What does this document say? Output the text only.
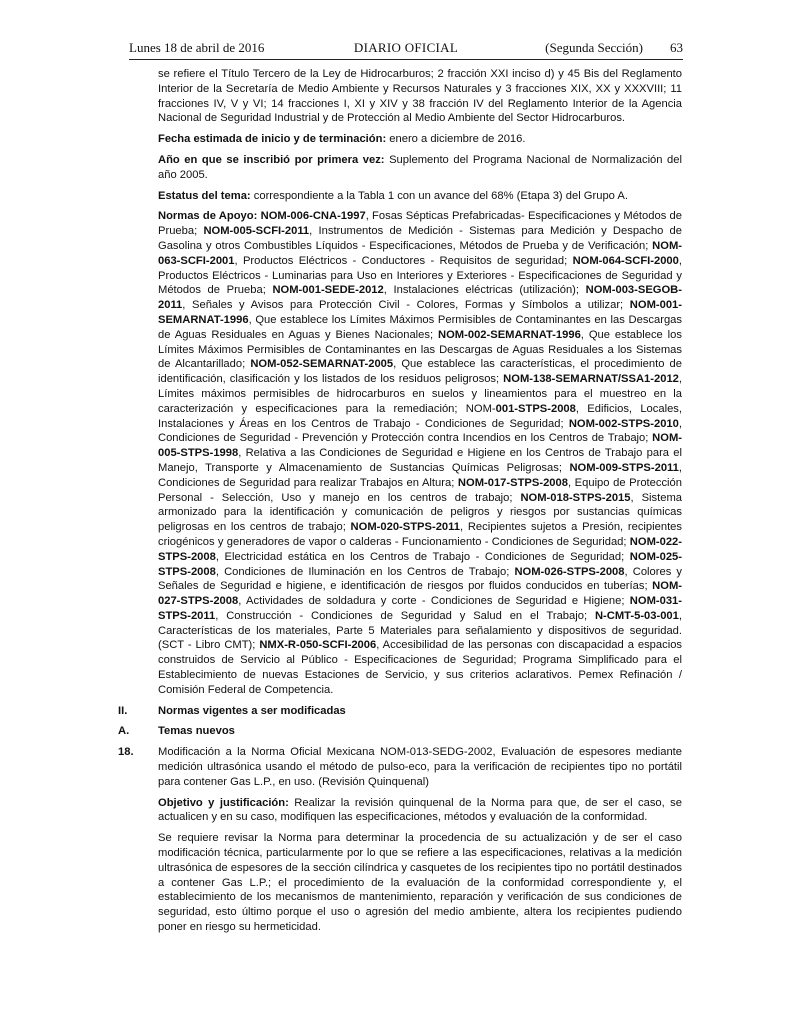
Lunes 18 de abril de 2016	DIARIO OFICIAL	(Segunda Sección) 63

se refiere el Título Tercero de la Ley de Hidrocarburos; 2 fracción XXI inciso d) y 45 Bis del Reglamento Interior de la Secretaría de Medio Ambiente y Recursos Naturales y 3 fracciones XIX, XX y XXXVIII; 11 fracciones IV, V y VI; 14 fracciones I, XI y XIV y 38 fracción IV del Reglamento Interior de la Agencia Nacional de Seguridad Industrial y de Protección al Medio Ambiente del Sector Hidrocarburos.

Fecha estimada de inicio y de terminación: enero a diciembre de 2016.

Año en que se inscribió por primera vez: Suplemento del Programa Nacional de Normalización del año 2005.

Estatus del tema: correspondiente a la Tabla 1 con un avance del 68% (Etapa 3) del Grupo A.

Normas de Apoyo: NOM-006-CNA-1997, Fosas Sépticas Prefabricadas- Especificaciones y Métodos de Prueba; NOM-005-SCFI-2011, Instrumentos de Medición - Sistemas para Medición y Despacho de Gasolina y otros Combustibles Líquidos - Especificaciones, Métodos de Prueba y de Verificación; NOM-063-SCFI-2001, Productos Eléctricos - Conductores - Requisitos de seguridad; NOM-064-SCFI-2000, Productos Eléctricos - Luminarias para Uso en Interiores y Exteriores - Especificaciones de Seguridad y Métodos de Prueba; NOM-001-SEDE-2012, Instalaciones eléctricas (utilización); NOM-003-SEGOB-2011, Señales y Avisos para Protección Civil - Colores, Formas y Símbolos a utilizar; NOM-001-SEMARNAT-1996, Que establece los Límites Máximos Permisibles de Contaminantes en las Descargas de Aguas Residuales en Aguas y Bienes Nacionales; NOM-002-SEMARNAT-1996, Que establece los Límites Máximos Permisibles de Contaminantes en las Descargas de Aguas Residuales a los Sistemas de Alcantarillado; NOM-052-SEMARNAT-2005, Que establece las características, el procedimiento de identificación, clasificación y los listados de los residuos peligrosos; NOM-138-SEMARNAT/SSA1-2012, Límites máximos permisibles de hidrocarburos en suelos y lineamientos para el muestreo en la caracterización y especificaciones para la remediación; NOM-001-STPS-2008, Edificios, Locales, Instalaciones y Áreas en los Centros de Trabajo - Condiciones de Seguridad; NOM-002-STPS-2010, Condiciones de Seguridad - Prevención y Protección contra Incendios en los Centros de Trabajo; NOM-005-STPS-1998, Relativa a las Condiciones de Seguridad e Higiene en los Centros de Trabajo para el Manejo, Transporte y Almacenamiento de Sustancias Químicas Peligrosas; NOM-009-STPS-2011, Condiciones de Seguridad para realizar Trabajos en Altura; NOM-017-STPS-2008, Equipo de Protección Personal - Selección, Uso y manejo en los centros de trabajo; NOM-018-STPS-2015, Sistema armonizado para la identificación y comunicación de peligros y riesgos por sustancias químicas peligrosas en los centros de trabajo; NOM-020-STPS-2011, Recipientes sujetos a Presión, recipientes criogénicos y generadores de vapor o calderas - Funcionamiento - Condiciones de Seguridad; NOM-022-STPS-2008, Electricidad estática en los Centros de Trabajo - Condiciones de Seguridad; NOM-025-STPS-2008, Condiciones de Iluminación en los Centros de Trabajo; NOM-026-STPS-2008, Colores y Señales de Seguridad e higiene, e identificación de riesgos por fluidos conducidos en tuberías; NOM-027-STPS-2008, Actividades de soldadura y corte - Condiciones de Seguridad e Higiene; NOM-031-STPS-2011, Construcción - Condiciones de Seguridad y Salud en el Trabajo; N-CMT-5-03-001, Características de los materiales, Parte 5 Materiales para señalamiento y dispositivos de seguridad. (SCT - Libro CMT); NMX-R-050-SCFI-2006, Accesibilidad de las personas con discapacidad a espacios construidos de Servicio al Público - Especificaciones de Seguridad; Programa Simplificado para el Establecimiento de nuevas Estaciones de Servicio, y sus criterios aclarativos. Pemex Refinación / Comisión Federal de Competencia.

II.	Normas vigentes a ser modificadas
A.	Temas nuevos
18. Modificación a la Norma Oficial Mexicana NOM-013-SEDG-2002, Evaluación de espesores mediante medición ultrasónica usando el método de pulso-eco, para la verificación de recipientes tipo no portátil para contener Gas L.P., en uso. (Revisión Quinquenal)

Objetivo y justificación: Realizar la revisión quinquenal de la Norma para que, de ser el caso, se actualicen y en su caso, modifiquen las especificaciones, métodos y evaluación de la conformidad.

Se requiere revisar la Norma para determinar la procedencia de su actualización y de ser el caso modificación técnica, particularmente por lo que se refiere a las especificaciones, relativas a la medición ultrasónica de espesores de la sección cilíndrica y casquetes de los recipientes tipo no portátil destinados a contener Gas L.P.; el procedimiento de la evaluación de la conformidad correspondiente y, el establecimiento de los mecanismos de mantenimiento, reparación y verificación de sus condiciones de seguridad, esto último porque el uso o agresión del medio ambiente, altera los recipientes pudiendo poner en riesgo su hermeticidad.
